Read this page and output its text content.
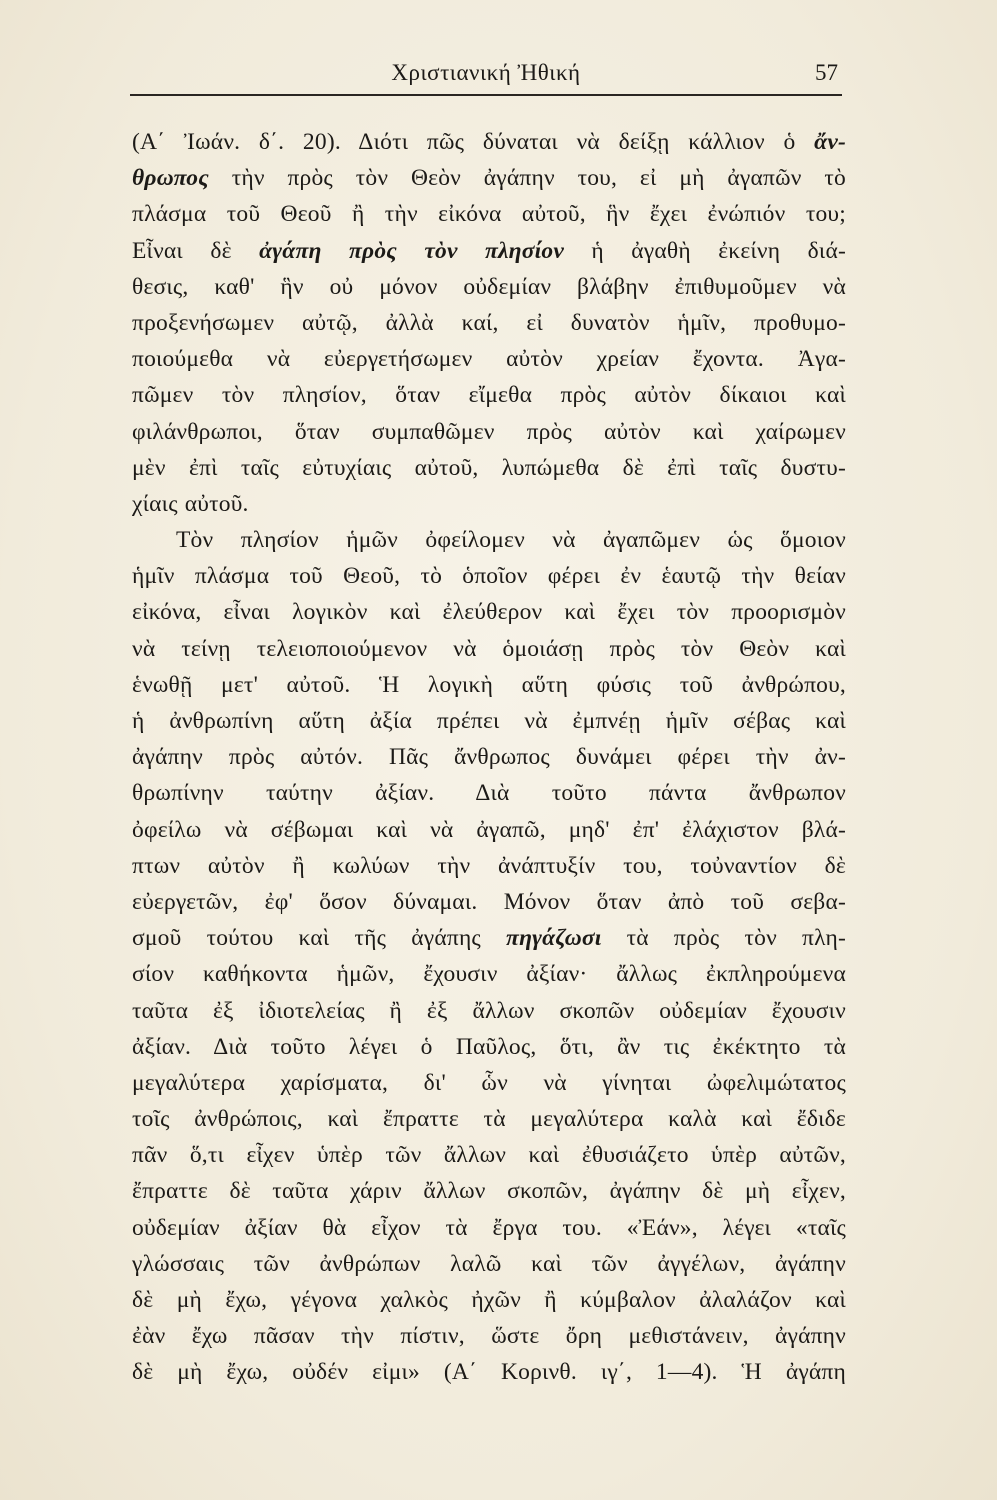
Χριστιανική Ἠθική	57
(Α΄ Ἰωάν. δ΄. 20). Διότι πῶς δύναται νὰ δείξῃ κάλλιον ὁ ἄν-
θρωπος τὴν πρὸς τὸν Θεὸν ἀγάπην του, εἰ μὴ ἀγαπῶν τὸ
πλάσμα τοῦ Θεοῦ ἢ τὴν εἰκόνα αὐτοῦ, ἣν ἔχει ἐνώπιόν του;
Εἶναι δὲ ἀγάπη πρὸς τὸν πλησίον ἡ ἀγαθὴ ἐκείνη διά-
θεσις, καθ' ἣν οὐ μόνον οὐδεμίαν βλάβην ἐπιθυμοῦμεν νὰ
προξενήσωμεν αὐτῷ, ἀλλὰ καί, εἰ δυνατὸν ἡμῖν, προθυμο-
ποιούμεθα νὰ εὐεργετήσωμεν αὐτὸν χρείαν ἔχοντα. Ἀγα-
πῶμεν τὸν πλησίον, ὅταν εἴμεθα πρὸς αὐτὸν δίκαιοι καὶ
φιλάνθρωποι, ὅταν συμπαθῶμεν πρὸς αὐτὸν καὶ χαίρωμεν
μὲν ἐπὶ ταῖς εὐτυχίαις αὐτοῦ, λυπώμεθα δὲ ἐπὶ ταῖς δυστυ-
χίαις αὐτοῦ.
Τὸν πλησίον ἡμῶν ὀφείλομεν νὰ ἀγαπῶμεν ὡς ὅμοιον
ἡμῖν πλάσμα τοῦ Θεοῦ, τὸ ὁποῖον φέρει ἐν ἑαυτῷ τὴν θείαν
εἰκόνα, εἶναι λογικὸν καὶ ἐλεύθερον καὶ ἔχει τὸν προορισμὸν
νὰ τείνῃ τελειοποιούμενον νὰ ὁμοιάσῃ πρὸς τὸν Θεὸν καὶ
ἑνωθῇ μετ' αὐτοῦ. Ἡ λογικὴ αὕτη φύσις τοῦ ἀνθρώπου,
ἡ ἀνθρωπίνη αὕτη ἀξία πρέπει νὰ ἐμπνέῃ ἡμῖν σέβας καὶ
ἀγάπην πρὸς αὐτόν. Πᾶς ἄνθρωπος δυνάμει φέρει τὴν ἀν-
θρωπίνην ταύτην ἀξίαν. Διὰ τοῦτο πάντα ἄνθρωπον
ὀφείλω νὰ σέβωμαι καὶ νὰ ἀγαπῶ, μηδ' ἐπ' ἐλάχιστον βλά-
πτων αὐτὸν ἢ κωλύων τὴν ἀνάπτυξίν του, τοὐναντίον δὲ
εὐεργετῶν, ἐφ' ὅσον δύναμαι. Μόνον ὅταν ἀπὸ τοῦ σεβα-
σμοῦ τούτου καὶ τῆς ἀγάπης πηγάζωσι τὰ πρὸς τὸν πλη-
σίον καθήκοντα ἡμῶν, ἔχουσιν ἀξίαν· ἄλλως ἐκπληρούμενα
ταῦτα ἐξ ἰδιοτελείας ἢ ἐξ ἄλλων σκοπῶν οὐδεμίαν ἔχουσιν
ἀξίαν. Διὰ τοῦτο λέγει ὁ Παῦλος, ὅτι, ἂν τις ἐκέκτητο τὰ
μεγαλύτερα χαρίσματα, δι' ὧν νὰ γίνηται ὠφελιμώτατος
τοῖς ἀνθρώποις, καὶ ἔπραττε τὰ μεγαλύτερα καλὰ καὶ ἔδιδε
πᾶν ὅ,τι εἶχεν ὑπὲρ τῶν ἄλλων καὶ ἐθυσιάζετο ὑπὲρ αὐτῶν,
ἔπραττε δὲ ταῦτα χάριν ἄλλων σκοπῶν, ἀγάπην δὲ μὴ εἶχεν,
οὐδεμίαν ἀξίαν θὰ εἶχον τὰ ἔργα του. «Ἐάν», λέγει «ταῖς
γλώσσαις τῶν ἀνθρώπων λαλῶ καὶ τῶν ἀγγέλων, ἀγάπην
δὲ μὴ ἔχω, γέγονα χαλκὸς ἠχῶν ἢ κύμβαλον ἀλαλάζον καὶ
ἐὰν ἔχω πᾶσαν τὴν πίστιν, ὥστε ὄρη μεθιστάνειν, ἀγάπην
δὲ μὴ ἔχω, οὐδέν εἰμι» (Α΄ Κορινθ. ιγ΄, 1—4). Ἡ ἀγάπη
